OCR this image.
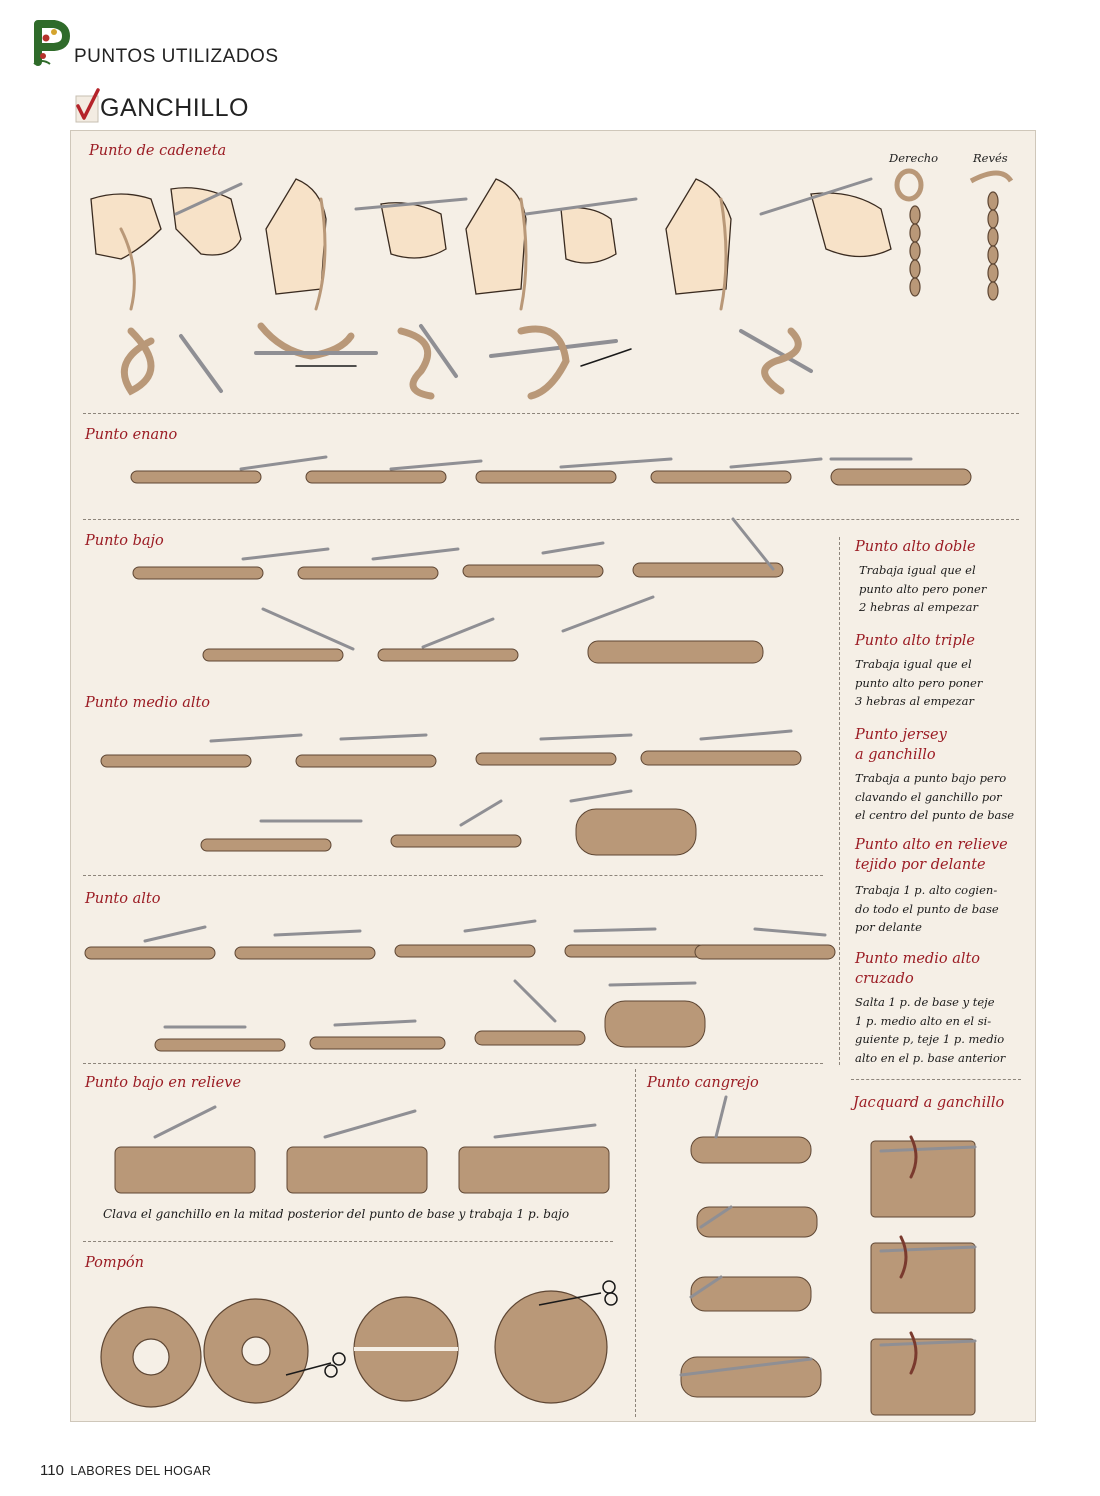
PUNTOS UTILIZADOS
GANCHILLO
Punto de cadeneta	Derecho	Revés
Punto enano
Punto bajo
Punto medio alto
Punto alto
Punto alto doble
Trabaja igual que el
punto alto pero poner
2 hebras al empezar
Punto alto triple
Trabaja igual que el
punto alto pero poner
3 hebras al empezar
Punto jersey
a ganchillo
Trabaja a punto bajo pero
clavando el ganchillo por
el centro del punto de base
Punto alto en relieve
tejido por delante
Trabaja 1 p. alto cogien-
do todo el punto de base
por delante
Punto medio alto
cruzado
Salta 1 p. de base y teje
1 p. medio alto en el si-
guiente p, teje 1 p. medio
alto en el p. base anterior
Punto bajo en relieve
Clava el ganchillo en la mitad posterior del punto de base y trabaja 1 p. bajo
Pompón
Punto cangrejo
Jacquard a ganchillo
110 LABORES DEL HOGAR
